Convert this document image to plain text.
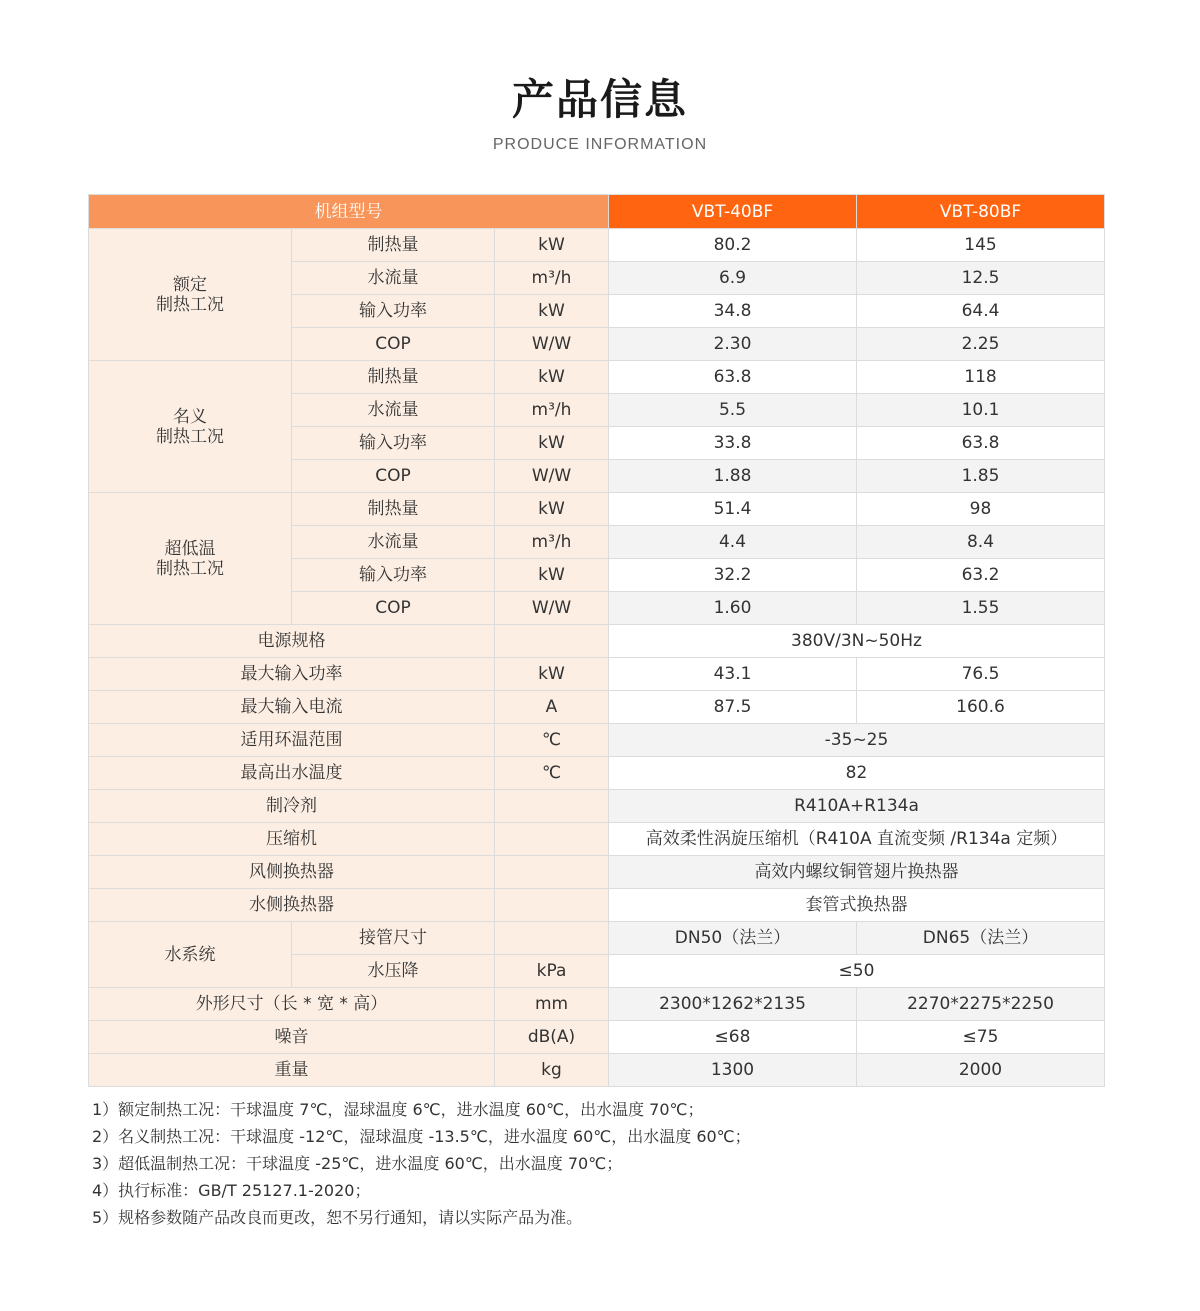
产品信息
PRODUCE INFORMATION
机组型号			VBT-40BF	VBT-80BF
额定
制热工况	制热量	kW	80.2	145
	水流量	m³/h	6.9	12.5
	输入功率	kW	34.8	64.4
	COP	W/W	2.30	2.25
名义
制热工况	制热量	kW	63.8	118
	水流量	m³/h	5.5	10.1
	输入功率	kW	33.8	63.8
	COP	W/W	1.88	1.85
超低温
制热工况	制热量	kW	51.4	98
	水流量	m³/h	4.4	8.4
	输入功率	kW	32.2	63.2
	COP	W/W	1.60	1.55
电源规格			380V/3N~50Hz	
最大输入功率		kW	43.1	76.5
最大输入电流		A	87.5	160.6
适用环温范围		℃	-35~25	
最高出水温度		℃	82	
制冷剂			R410A+R134a	
压缩机			高效柔性涡旋压缩机（R410A 直流变频 /R134a 定频）	
风侧换热器			高效内螺纹铜管翅片换热器	
水侧换热器			套管式换热器	
水系统	接管尺寸		DN50（法兰）	DN65（法兰）
	水压降	kPa	≤50	
外形尺寸（长 * 宽 * 高）		mm	2300*1262*2135	2270*2275*2250
噪音		dB(A)	≤68	≤75
重量		kg	1300	2000
1）额定制热工况：干球温度 7℃，湿球温度 6℃，进水温度 60℃，出水温度 70℃；
2）名义制热工况：干球温度 -12℃，湿球温度 -13.5℃，进水温度 60℃，出水温度 60℃；
3）超低温制热工况：干球温度 -25℃，进水温度 60℃，出水温度 70℃；
4）执行标准：GB/T 25127.1-2020；
5）规格参数随产品改良而更改，恕不另行通知，请以实际产品为准。
